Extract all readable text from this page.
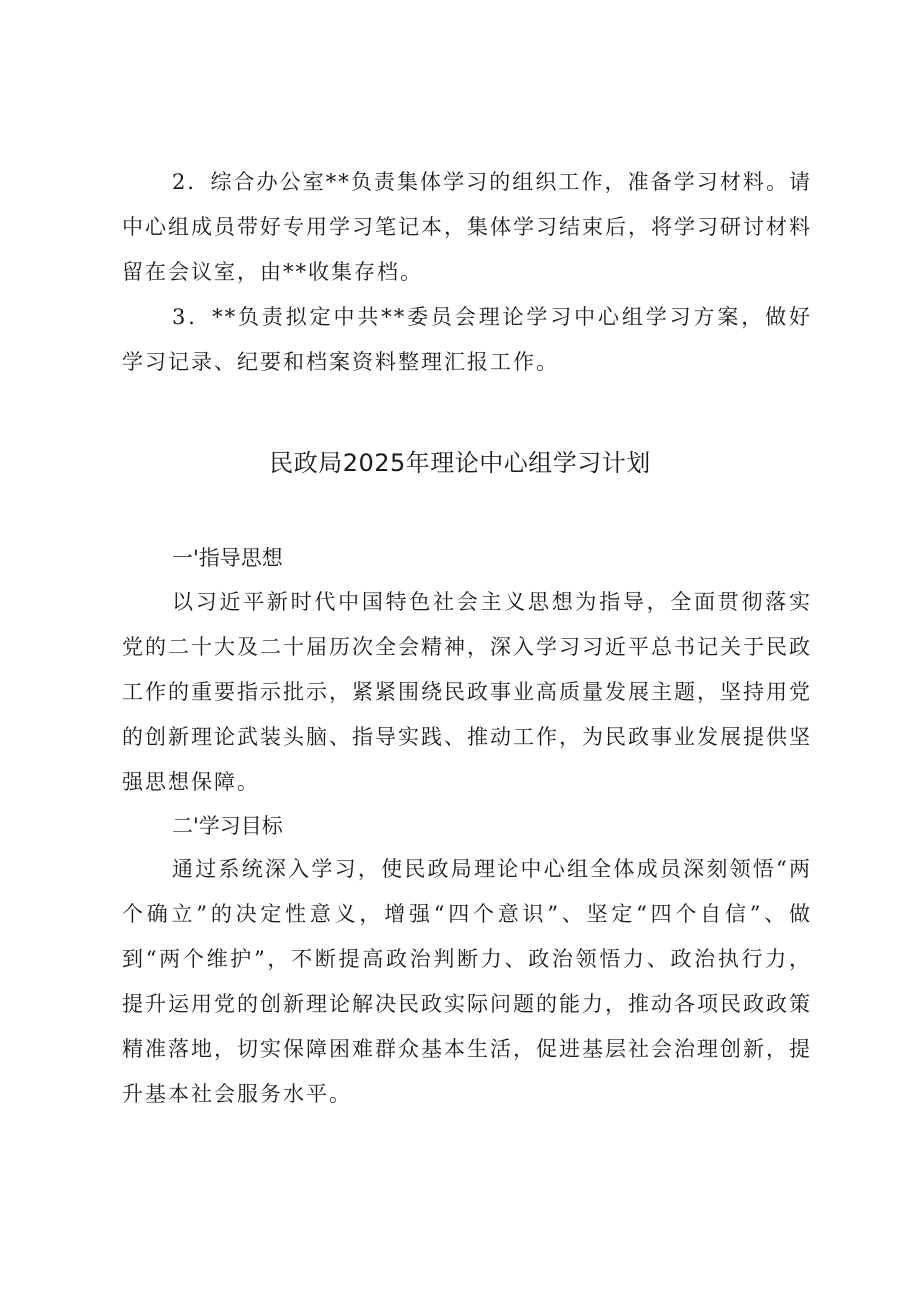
2．综合办公室**负责集体学习的组织工作，准备学习材料。请中心组成员带好专用学习笔记本，集体学习结束后，将学习研讨材料留在会议室，由**收集存档。

3．**负责拟定中共**委员会理论学习中心组学习方案，做好学习记录、纪要和档案资料整理汇报工作。

民政局2025年理论中心组学习计划
一'指导思想

以习近平新时代中国特色社会主义思想为指导，全面贯彻落实党的二十大及二十届历次全会精神，深入学习习近平总书记关于民政工作的重要指示批示，紧紧围绕民政事业高质量发展主题，坚持用党的创新理论武装头脑、指导实践、推动工作，为民政事业发展提供坚强思想保障。

二'学习目标

通过系统深入学习，使民政局理论中心组全体成员深刻领悟“两个确立”的决定性意义，增强“四个意识”、坚定“四个自信”、做到“两个维护”，不断提高政治判断力、政治领悟力、政治执行力，提升运用党的创新理论解决民政实际问题的能力，推动各项民政政策精准落地，切实保障困难群众基本生活，促进基层社会治理创新，提升基本社会服务水平。
